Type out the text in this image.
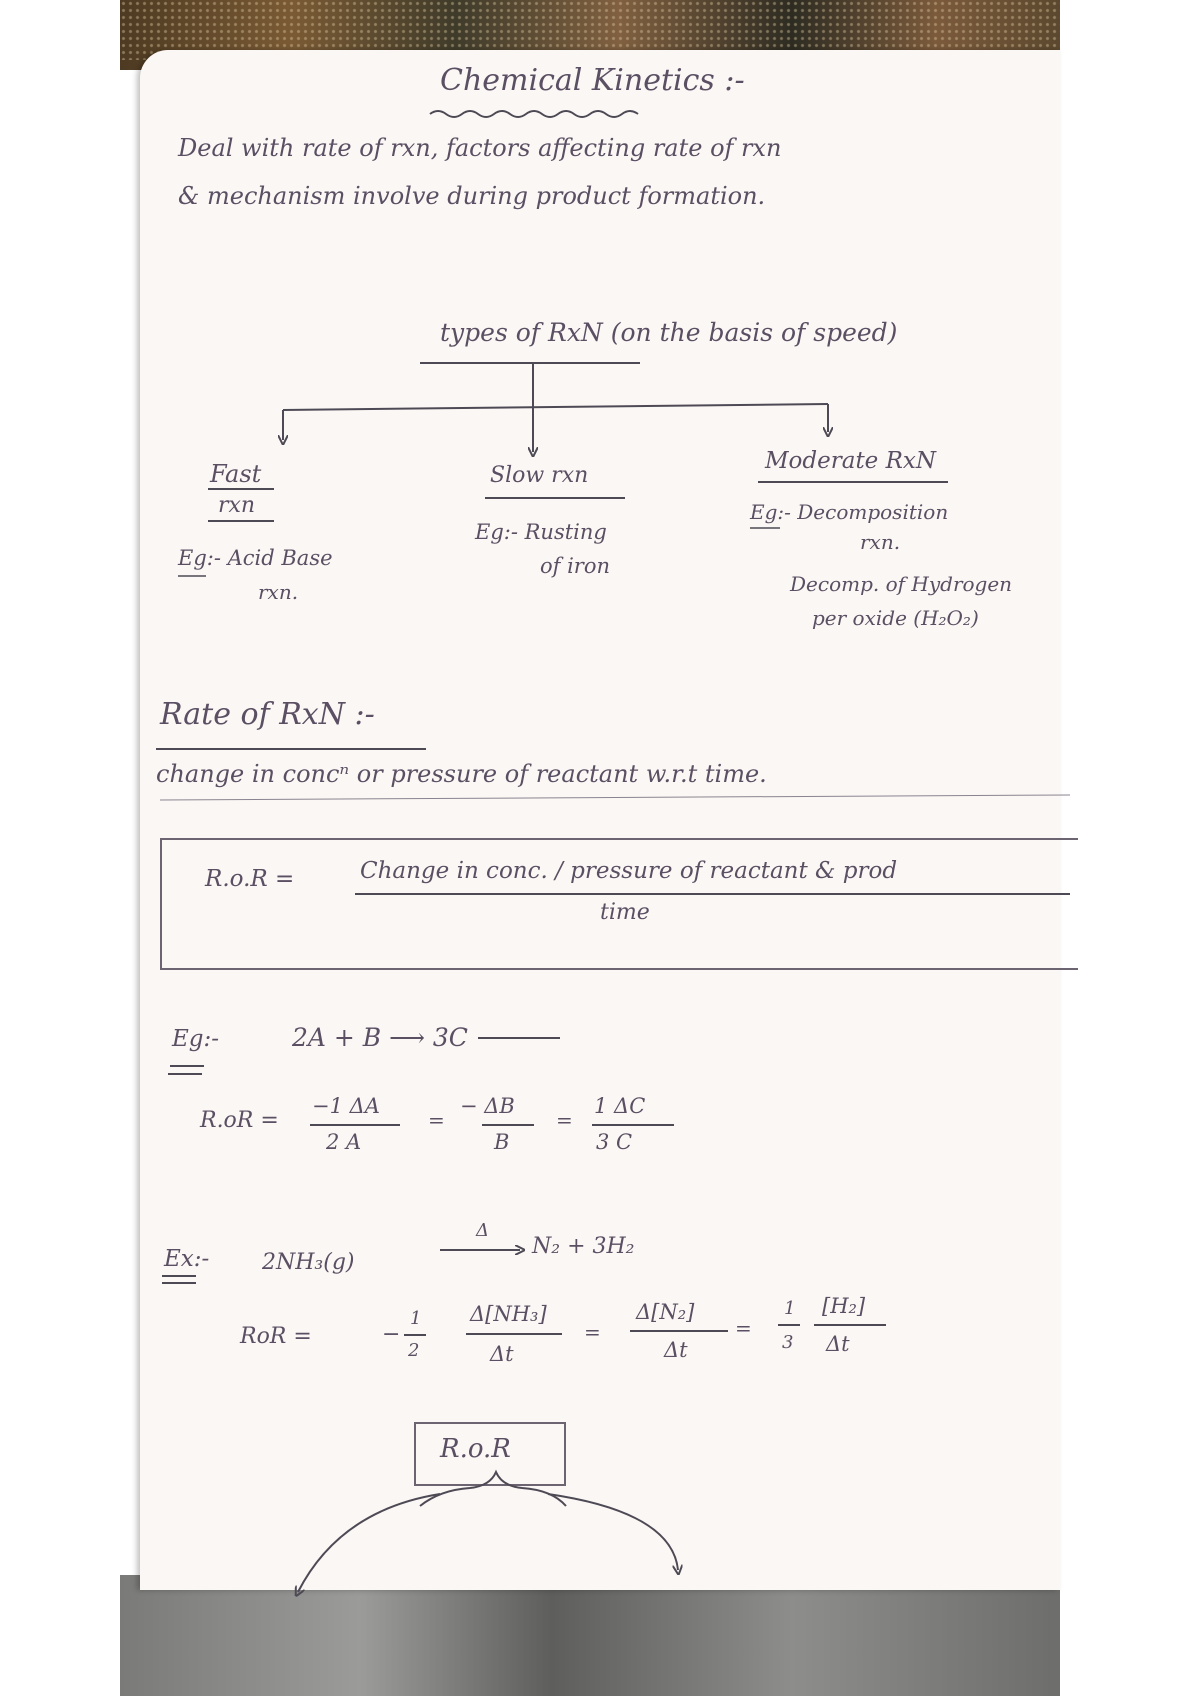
Chemical Kinetics :-
Deal with rate of rxn, factors affecting rate of rxn
& mechanism involve during product formation.
types of RxN (on the basis of speed)
Fast
rxn
Eg:- Acid Base
rxn.
Slow rxn
Eg:- Rusting
of iron
Moderate RxN
Eg:- Decomposition
rxn.
Decomp. of Hydrogen
per oxide (H₂O₂)
Rate of RxN :-
change in concⁿ or pressure of reactant w.r.t time.
R.o.R =	Change in conc. / pressure of reactant & prod
time
Eg:-	2A + B ⟶ 3C
R.oR =
−1 ΔA
2 A
=
− ΔB
B
=
1 ΔC
3 C
Ex:- 2NH₃(g)
Δ
N₂ + 3H₂
RoR =	−
1
2
Δ[NH₃]
Δt
=
Δ[N₂]
Δt
=
1
3
[H₂]
Δt
R.o.R
